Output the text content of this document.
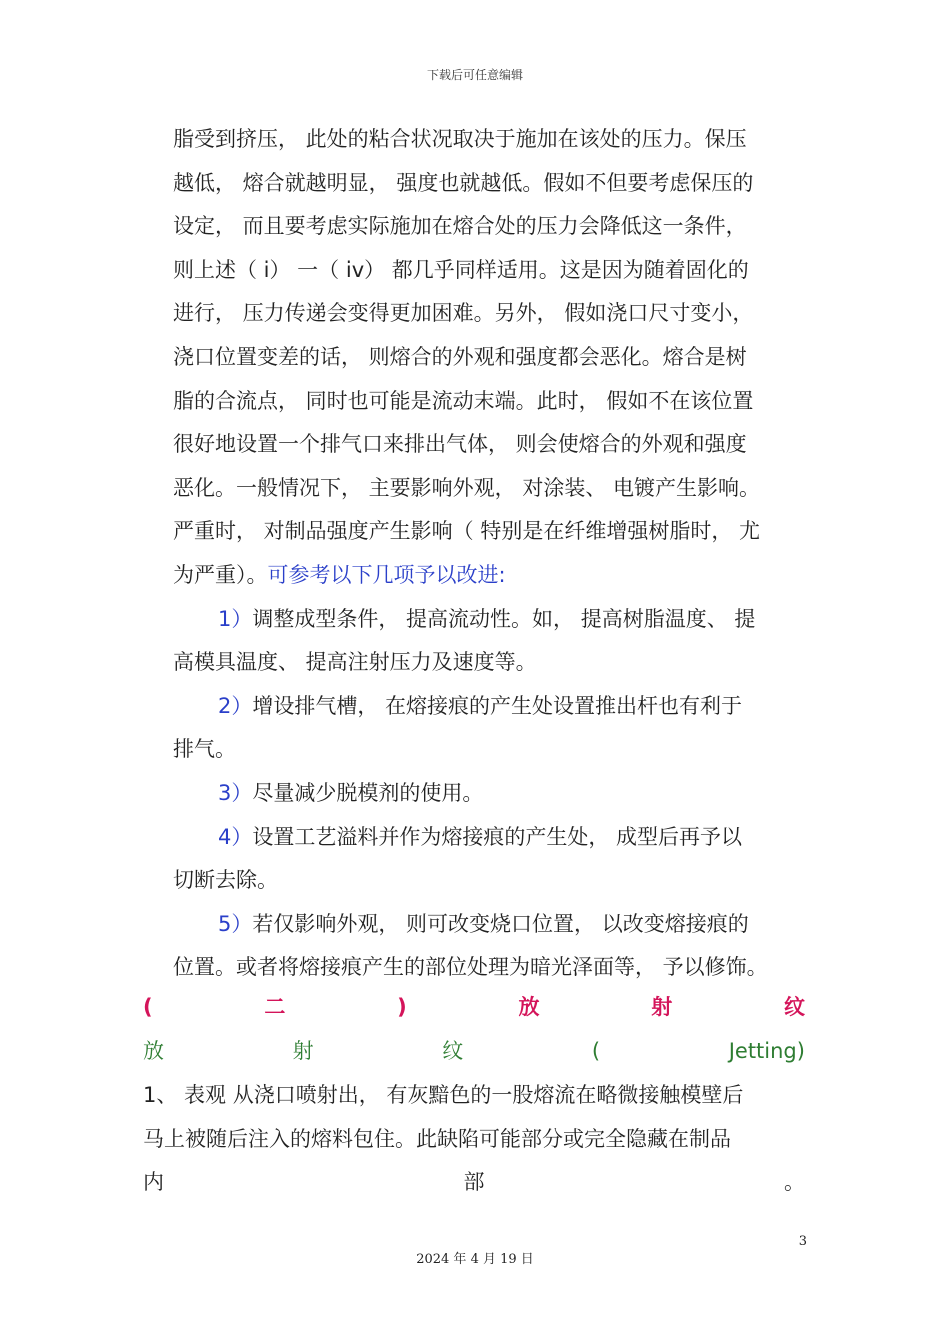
下载后可任意编辑
脂受到挤压， 此处的粘合状况取决于施加在该处的压力。保压
越低， 熔合就越明显， 强度也就越低。假如不但要考虑保压的
设定， 而且要考虑实际施加在熔合处的压力会降低这一条件，
则上述（ i） 一（ iv） 都几乎同样适用。这是因为随着固化的
进行， 压力传递会变得更加困难。另外， 假如浇口尺寸变小，
浇口位置变差的话， 则熔合的外观和强度都会恶化。熔合是树
脂的合流点， 同时也可能是流动末端。此时， 假如不在该位置
很好地设置一个排气口来排出气体， 则会使熔合的外观和强度
恶化。一般情况下， 主要影响外观， 对涂装、 电镀产生影响。
严重时， 对制品强度产生影响（ 特别是在纤维增强树脂时， 尤
为严重）。可参考以下几项予以改进:
1）调整成型条件， 提高流动性。如， 提高树脂温度、 提
高模具温度、 提高注射压力及速度等。
2）增设排气槽， 在熔接痕的产生处设置推出杆也有利于
排气。
3）尽量减少脱模剂的使用。
4）设置工艺溢料并作为熔接痕的产生处， 成型后再予以
切断去除。
5）若仅影响外观， 则可改变烧口位置， 以改变熔接痕的
位置。或者将熔接痕产生的部位处理为暗光泽面等， 予以修饰。
(	二	)	放	射	纹
放	射	纹	(	Jetting)
1、 表观 从浇口喷射出， 有灰黯色的一股熔流在略微接触模壁后
马上被随后注入的熔料包住。此缺陷可能部分或完全隐藏在制品
内	部	。
3
2024 年 4 月 19 日
